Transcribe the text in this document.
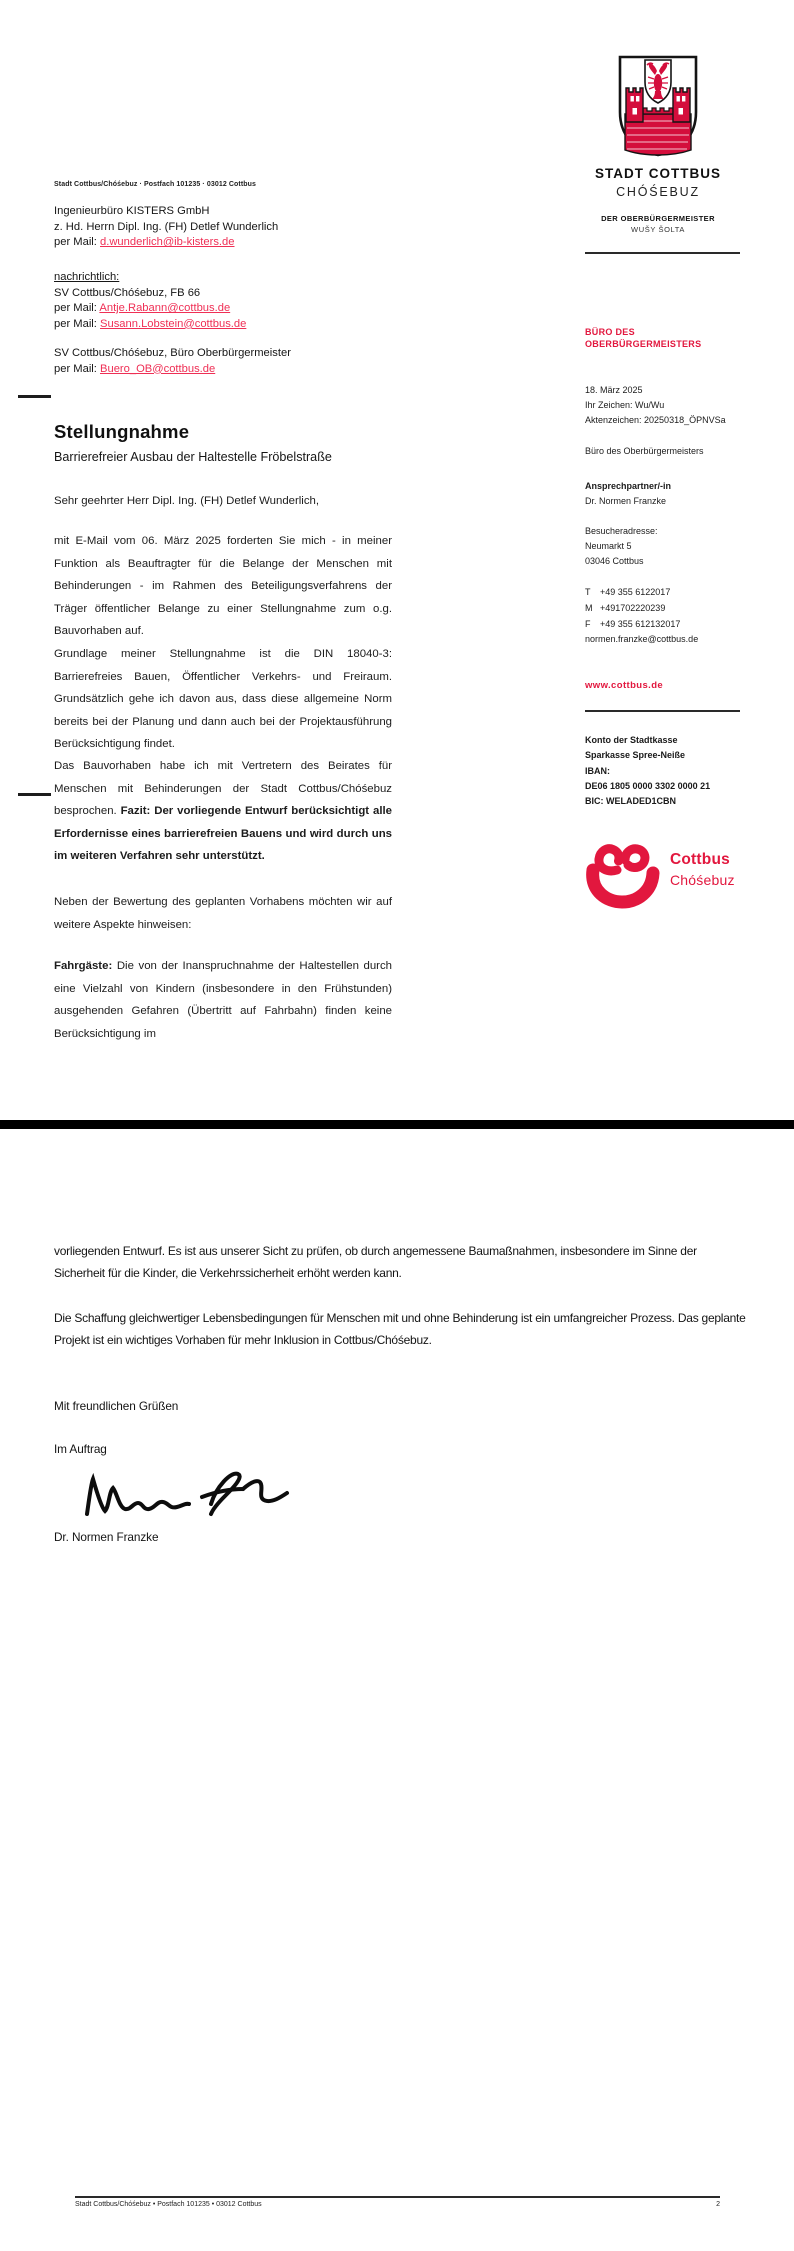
STADT COTTBUS
CHÓŚEBUZ
DER OBERBÜRGERMEISTER
WUŠY ŠOLTA
Stadt Cottbus/Chóśebuz · Postfach 101235 · 03012 Cottbus
Ingenieurbüro KISTERS GmbH
z. Hd. Herrn Dipl. Ing. (FH) Detlef Wunderlich
per Mail: d.wunderlich@ib-kisters.de
nachrichtlich:
SV Cottbus/Chóśebuz, FB 66
per Mail: Antje.Rabann@cottbus.de
per Mail: Susann.Lobstein@cottbus.de
SV Cottbus/Chóśebuz, Büro Oberbürgermeister
per Mail: Buero_OB@cottbus.de
Stellungnahme
Barrierefreier Ausbau der Haltestelle Fröbelstraße
Sehr geehrter Herr Dipl. Ing. (FH) Detlef Wunderlich,
mit E-Mail vom 06. März 2025 forderten Sie mich - in meiner Funktion als Beauftragter für die Belange der Menschen mit Behinderungen - im Rahmen des Beteiligungsverfahrens der Träger öffentlicher Belange zu einer Stellungnahme zum o.g. Bauvorhaben auf.
Grundlage meiner Stellungnahme ist die DIN 18040-3: Barrierefreies Bauen, Öffentlicher Verkehrs- und Freiraum. Grundsätzlich gehe ich davon aus, dass diese allgemeine Norm bereits bei der Planung und dann auch bei der Projektausführung Berücksichtigung findet.
Das Bauvorhaben habe ich mit Vertretern des Beirates für Menschen mit Behinderungen der Stadt Cottbus/Chóśebuz besprochen. Fazit: Der vorliegende Entwurf berücksichtigt alle Erfordernisse eines barrierefreien Bauens und wird durch uns im weiteren Verfahren sehr unterstützt.
Neben der Bewertung des geplanten Vorhabens möchten wir auf weitere Aspekte hinweisen:
Fahrgäste: Die von der Inanspruchnahme der Haltestellen durch eine Vielzahl von Kindern (insbesondere in den Frühstunden) ausgehenden Gefahren (Übertritt auf Fahrbahn) finden keine Berücksichtigung im
BÜRO DES
OBERBÜRGERMEISTERS
18. März 2025
Ihr Zeichen: Wu/Wu
Aktenzeichen: 20250318_ÖPNVSa
Büro des Oberbürgermeisters
Ansprechpartner/-in
Dr. Normen Franzke
Besucheradresse:
Neumarkt 5
03046 Cottbus
T	+49 355 6122017
M +491702220239
F	+49 355 612132017
normen.franzke@cottbus.de
www.cottbus.de
Konto der Stadtkasse
Sparkasse Spree-Neiße
IBAN:
DE06 1805 0000 3302 0000 21
BIC: WELADED1CBN
Cottbus
Chóśebuz
vorliegenden Entwurf. Es ist aus unserer Sicht zu prüfen, ob durch angemessene Baumaßnahmen, insbesondere im Sinne der Sicherheit für die Kinder, die Verkehrssicherheit erhöht werden kann.
Die Schaffung gleichwertiger Lebensbedingungen für Menschen mit und ohne Behinderung ist ein umfangreicher Prozess. Das geplante Projekt ist ein wichtiges Vorhaben für mehr Inklusion in Cottbus/Chóśebuz.
Mit freundlichen Grüßen
Im Auftrag
Dr. Normen Franzke
Stadt Cottbus/Chóśebuz • Postfach 101235 • 03012 Cottbus	2
